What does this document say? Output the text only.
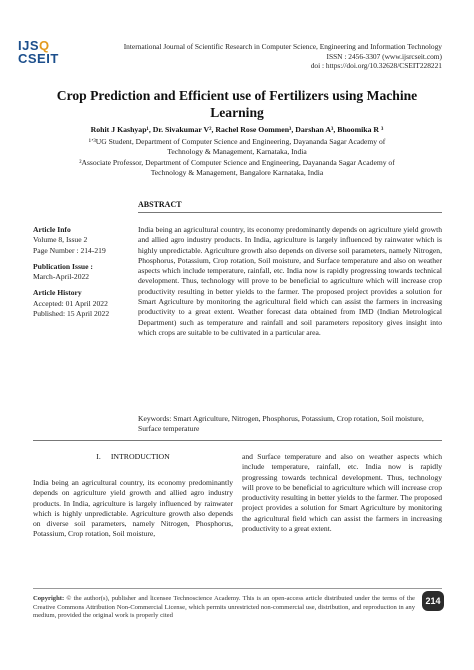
IJSQ
CSEIT
International Journal of Scientific Research in Computer Science, Engineering and Information Technology
ISSN : 2456-3307 (www.ijsrcseit.com)
doi : https://doi.org/10.32628/CSEIT228221
Crop Prediction and Efficient use of Fertilizers using Machine Learning
Rohit J Kashyap¹, Dr. Sivakumar V², Rachel Rose Oommen³, Darshan A³, Bhoomika R ³
¹ʼ³UG Student, Department of Computer Science and Engineering, Dayananda Sagar Academy of Technology & Management, Karnataka, India
²Associate Professor, Department of Computer Science and Engineering, Dayananda Sagar Academy of Technology & Management, Bangalore Karnataka, India
ABSTRACT
Article Info
Volume 8, Issue 2
Page Number : 214-219
Publication Issue :
March-April-2022
Article History
Accepted: 01 April 2022
Published: 15 April 2022
India being an agricultural country, its economy predominantly depends on agriculture yield growth and allied agro industry products. In India, agriculture is largely influenced by rainwater which is highly unpredictable. Agriculture growth also depends on diverse soil parameters, namely Nitrogen, Phosphorus, Potassium, Crop rotation, Soil moisture, and Surface temperature and also on weather aspects which include temperature, rainfall, etc. India now is rapidly progressing towards technical development. Thus, technology will prove to be beneficial to agriculture which will increase crop productivity resulting in better yields to the farmer. The proposed project provides a solution for Smart Agriculture by monitoring the agricultural field which can assist the farmers in increasing productivity to a great extent. Weather forecast data obtained from IMD (Indian Metrological Department) such as temperature and rainfall and soil parameters repository gives insight into which crops are suitable to be cultivated in a particular area.
Keywords: Smart Agriculture, Nitrogen, Phosphorus, Potassium, Crop rotation, Soil moisture, Surface temperature
I. INTRODUCTION
India being an agricultural country, its economy predominantly depends on agriculture yield growth and allied agro industry products. In India, agriculture is largely influenced by rainwater which is highly unpredictable. Agriculture growth also depends on diverse soil parameters, namely Nitrogen, Phosphorus, Potassium, Crop rotation, Soil moisture,
and Surface temperature and also on weather aspects which include temperature, rainfall, etc. India now is rapidly progressing towards technical development. Thus, technology will prove to be beneficial to agriculture which will increase crop productivity resulting in better yields to the farmer. The proposed project provides a solution for Smart Agriculture by monitoring the agricultural field which can assist the farmers in increasing productivity to a great extent.
Copyright: © the author(s), publisher and licensee Technoscience Academy. This is an open-access article distributed under the terms of the Creative Commons Attribution Non-Commercial License, which permits unrestricted non-commercial use, distribution, and reproduction in any medium, provided the original work is properly cited
214
